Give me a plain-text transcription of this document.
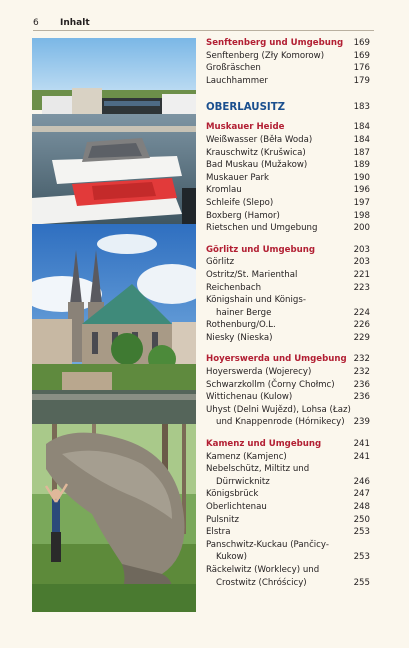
6 Inhalt
Senftenberg und Umgebung 169
Senftenberg (Zły Komorow)	169
Großräschen	176
Lauchhammer	179
OBERLAUSITZ	183
Muskauer Heide	184
Weißwasser (Běła Woda)	184
Krauschwitz (Krušwica)	187
Bad Muskau (Mužakow)	189
Muskauer Park	190
Kromlau	196
Schleife (Slepo)	197
Boxberg (Hamor)	198
Rietschen und Umgebung	200
Görlitz und Umgebung	203
Görlitz	203
Ostritz/St. Marienthal	221
Reichenbach	223
Königshain und Königs-
hainer Berge	224
Rothenburg/O.L.	226
Niesky (Nieska)	229
Hoyerswerda und Umgebung 232
Hoyerswerda (Wojerecy)	232
Schwarzkollm (Čorny Chołmc) 236
Wittichenau (Kulow)	236
Uhyst (Delni Wujězd), Lohsa (Łaz)
und Knappenrode (Hórnikecy) 239
Kamenz und Umgebung	241
Kamenz (Kamjenc)	241
Nebelschütz, Miltitz und
Dürrwicknitz	246
Königsbrück	247
Oberlichtenau	248
Pulsnitz	250
Elstra	253
Panschwitz-Kuckau (Pančicy-
Kukow)	253
Räckelwitz (Worklecy) und
Crostwitz (Chróścicy)	255
